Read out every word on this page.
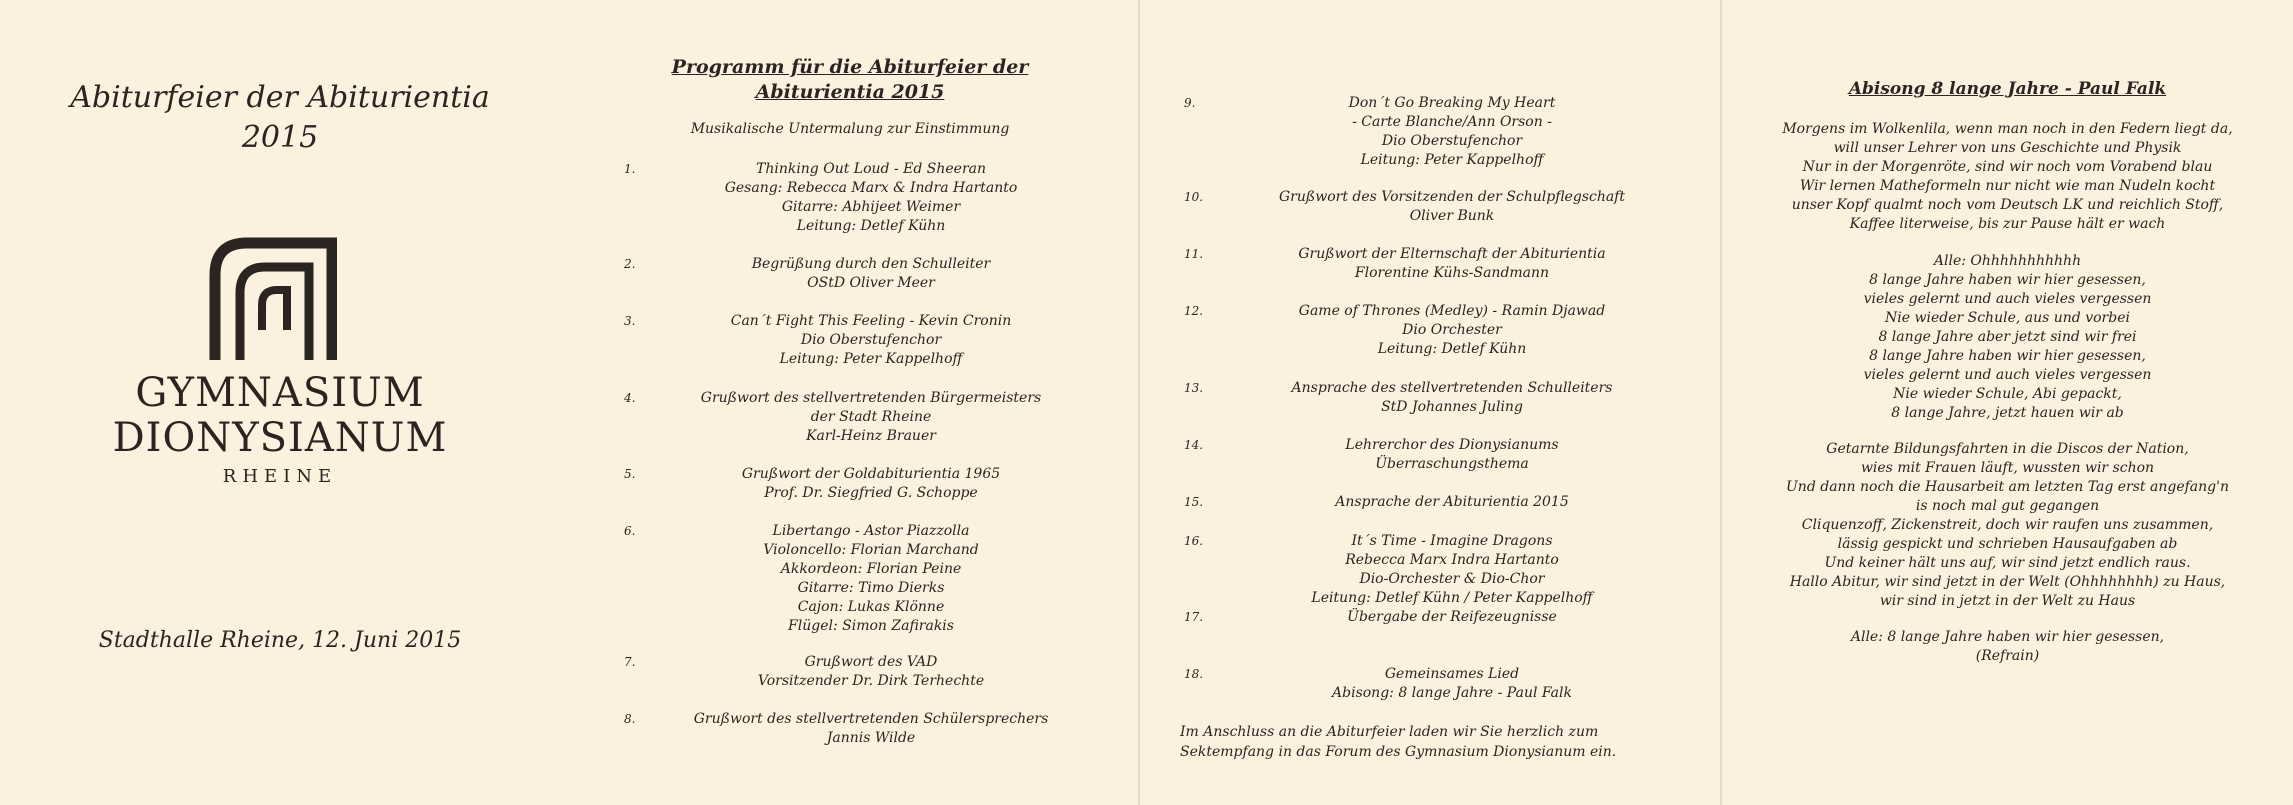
Abiturfeier der Abiturientia
2015
GYMNASIUM
DIONYSIANUM
RHEINE
Stadthalle Rheine, 12. Juni 2015
Programm für die Abiturfeier der
Abiturientia 2015
Musikalische Untermalung zur Einstimmung
1.	Thinking Out Loud - Ed Sheeran
Gesang: Rebecca Marx & Indra Hartanto
Gitarre: Abhijeet Weimer
Leitung: Detlef Kühn
2.	Begrüßung durch den Schulleiter
OStD Oliver Meer
3.	Can´t Fight This Feeling - Kevin Cronin
Dio Oberstufenchor
Leitung: Peter Kappelhoff
4.	Grußwort des stellvertretenden Bürgermeisters
der Stadt Rheine
Karl-Heinz Brauer
5.	Grußwort der Goldabiturientia 1965
Prof. Dr. Siegfried G. Schoppe
6.	Libertango - Astor Piazzolla
Violoncello: Florian Marchand
Akkordeon: Florian Peine
Gitarre: Timo Dierks
Cajon: Lukas Klönne
Flügel: Simon Zafirakis
7.	Grußwort des VAD
Vorsitzender Dr. Dirk Terhechte
8.	Grußwort des stellvertretenden Schülersprechers
Jannis Wilde
9.	Don´t Go Breaking My Heart
- Carte Blanche/Ann Orson -
Dio Oberstufenchor
Leitung: Peter Kappelhoff
10.	Grußwort des Vorsitzenden der Schulpflegschaft
Oliver Bunk
11.	Grußwort der Elternschaft der Abiturientia
Florentine Kühs-Sandmann
12.	Game of Thrones (Medley) - Ramin Djawad
Dio Orchester
Leitung: Detlef Kühn
13.	Ansprache des stellvertretenden Schulleiters
StD Johannes Juling
14.	Lehrerchor des Dionysianums
Überraschungsthema
15.	Ansprache der Abiturientia 2015
16.	It´s Time - Imagine Dragons
Rebecca Marx Indra Hartanto
Dio-Orchester & Dio-Chor
Leitung: Detlef Kühn / Peter Kappelhoff
17.	Übergabe der Reifezeugnisse
18.	Gemeinsames Lied
Abisong: 8 lange Jahre - Paul Falk
Im Anschluss an die Abiturfeier laden wir Sie herzlich zum
Sektempfang in das Forum des Gymnasium Dionysianum ein.
Abisong 8 lange Jahre - Paul Falk
Morgens im Wolkenlila, wenn man noch in den Federn liegt da,
will unser Lehrer von uns Geschichte und Physik
Nur in der Morgenröte, sind wir noch vom Vorabend blau
Wir lernen Matheformeln nur nicht wie man Nudeln kocht
unser Kopf qualmt noch vom Deutsch LK und reichlich Stoff,
Kaffee literweise, bis zur Pause hält er wach
Alle: Ohhhhhhhhhhh
8 lange Jahre haben wir hier gesessen,
vieles gelernt und auch vieles vergessen
Nie wieder Schule, aus und vorbei
8 lange Jahre aber jetzt sind wir frei
8 lange Jahre haben wir hier gesessen,
vieles gelernt und auch vieles vergessen
Nie wieder Schule, Abi gepackt,
8 lange Jahre, jetzt hauen wir ab
Getarnte Bildungsfahrten in die Discos der Nation,
wies mit Frauen läuft, wussten wir schon
Und dann noch die Hausarbeit am letzten Tag erst angefang'n
is noch mal gut gegangen
Cliquenzoff, Zickenstreit, doch wir raufen uns zusammen,
lässig gespickt und schrieben Hausaufgaben ab
Und keiner hält uns auf, wir sind jetzt endlich raus.
Hallo Abitur, wir sind jetzt in der Welt (Ohhhhhhhh) zu Haus,
wir sind in jetzt in der Welt zu Haus
Alle: 8 lange Jahre haben wir hier gesessen,
(Refrain)
